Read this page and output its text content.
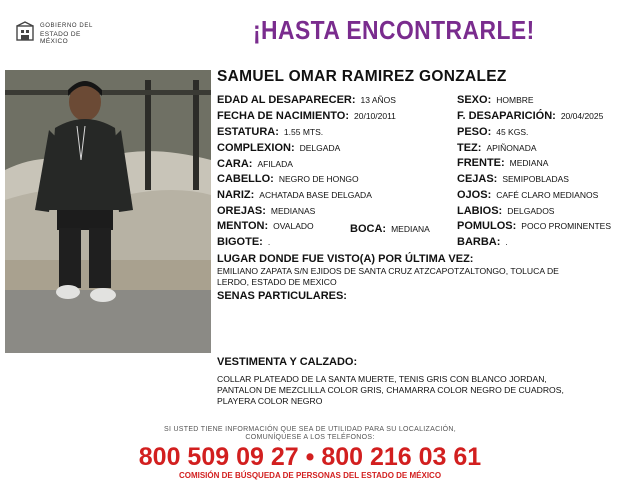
GOBIERNO DEL
ESTADO DE MÉXICO	¡HASTA ENCONTRARLE!
SAMUEL OMAR RAMIREZ GONZALEZ
EDAD AL DESAPARECER: 13 AÑOS
FECHA DE NACIMIENTO: 20/10/2011
ESTATURA: 1.55 MTS.
COMPLEXION: DELGADA
CARA: AFILADA
CABELLO: NEGRO DE HONGO
NARIZ: ACHATADA BASE DELGADA
OREJAS: MEDIANAS
MENTON: OVALADO	BOCA: MEDIANA
BIGOTE: .
SEXO: HOMBRE
F. DESAPARICIÓN: 20/04/2025
PESO: 45 KGS.
TEZ: APIÑONADA
FRENTE: MEDIANA
CEJAS: SEMIPOBLADAS
OJOS: CAFÉ CLARO MEDIANOS
LABIOS: DELGADOS
POMULOS: POCO PROMINENTES
BARBA: .
LUGAR DONDE FUE VISTO(A) POR ÚLTIMA VEZ:
EMILIANO ZAPATA S/N EJIDOS DE SANTA CRUZ ATZCAPOTZALTONGO, TOLUCA DE
LERDO, ESTADO DE MEXICO
SENAS PARTICULARES:
VESTIMENTA Y CALZADO:
COLLAR PLATEADO DE LA SANTA MUERTE, TENIS GRIS CON BLANCO JORDAN,
PANTALON DE MEZCLILLA COLOR GRIS, CHAMARRA COLOR NEGRO DE CUADROS,
PLAYERA COLOR NEGRO
SI USTED TIENE INFORMACIÓN QUE SEA DE UTILIDAD PARA SU LOCALIZACIÓN,
COMUNÍQUESE A LOS TELÉFONOS:
800 509 09 27 • 800 216 03 61
COMISIÓN DE BÚSQUEDA DE PERSONAS DEL ESTADO DE MÉXICO
